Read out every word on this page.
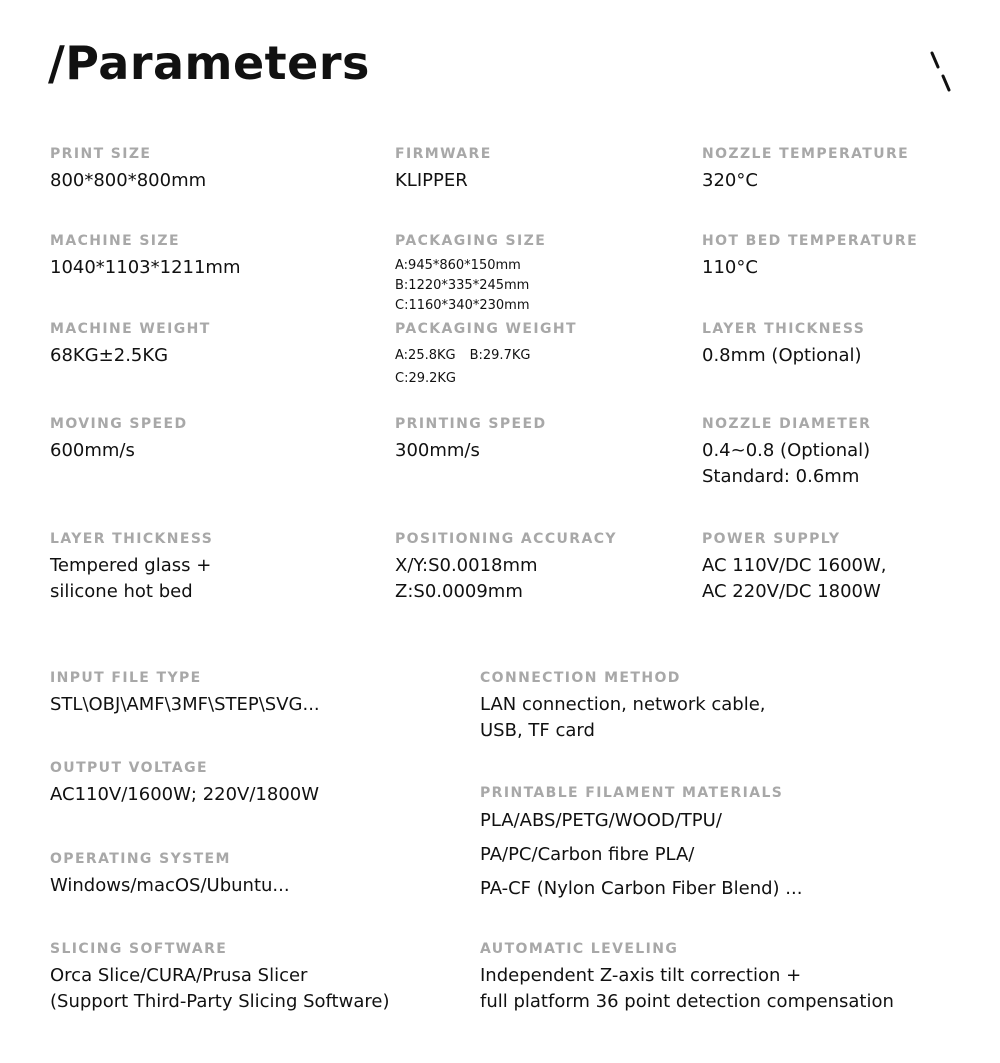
/Parameters
PRINT SIZE
800*800*800mm
FIRMWARE
KLIPPER
NOZZLE TEMPERATURE
320°C
MACHINE SIZE
1040*1103*1211mm
PACKAGING SIZE
A:945*860*150mm
B:1220*335*245mm
C:1160*340*230mm
HOT BED TEMPERATURE
110°C
MACHINE WEIGHT
68KG±2.5KG
PACKAGING WEIGHT
A:25.8KG B:29.7KG
C:29.2KG
LAYER THICKNESS
0.8mm (Optional)
MOVING SPEED
600mm/s
PRINTING SPEED
300mm/s
NOZZLE DIAMETER
0.4~0.8 (Optional)
Standard: 0.6mm
LAYER THICKNESS
Tempered glass +
silicone hot bed
POSITIONING ACCURACY
X/Y:S0.0018mm
Z:S0.0009mm
POWER SUPPLY
AC 110V/DC 1600W,
AC 220V/DC 1800W
INPUT FILE TYPE
STL\OBJ\AMF\3MF\STEP\SVG...
CONNECTION METHOD
LAN connection, network cable,
USB, TF card
OUTPUT VOLTAGE
AC110V/1600W; 220V/1800W	PRINTABLE FILAMENT MATERIALS
PLA/ABS/PETG/WOOD/TPU/
PA/PC/Carbon fibre PLA/
PA-CF (Nylon Carbon Fiber Blend) ...
OPERATING SYSTEM
Windows/macOS/Ubuntu...
SLICING SOFTWARE
Orca Slice/CURA/Prusa Slicer
(Support Third-Party Slicing Software)
AUTOMATIC LEVELING
Independent Z-axis tilt correction +
full platform 36 point detection compensation
